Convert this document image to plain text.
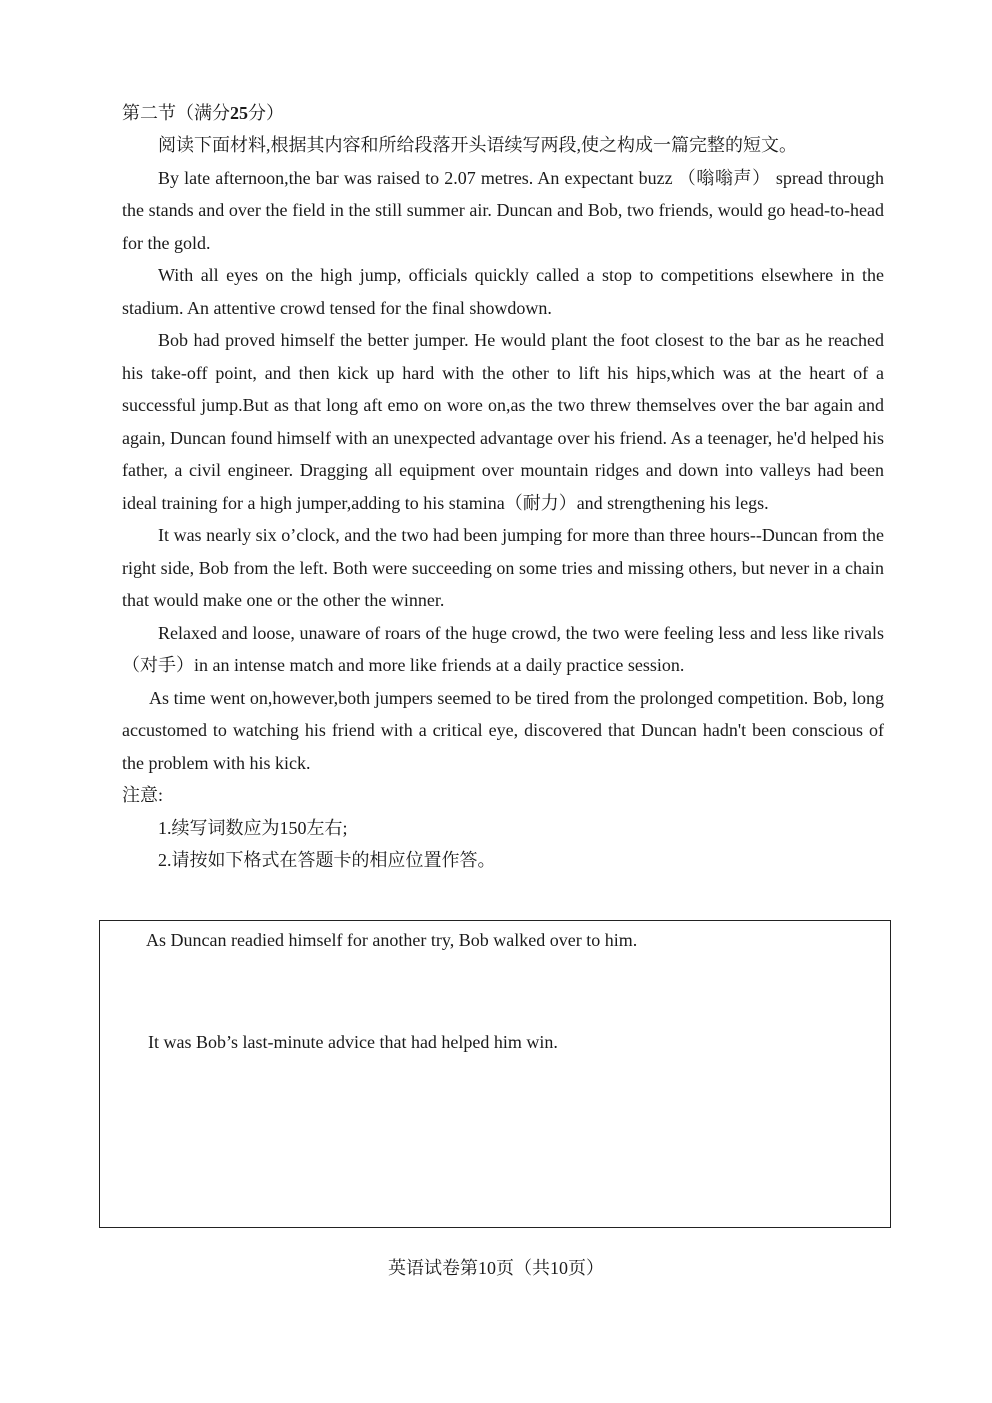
第二节（满分25分）

阅读下面材料,根据其内容和所给段落开头语续写两段,使之构成一篇完整的短文。

By late afternoon,the bar was raised to 2.07 metres. An expectant buzz （嗡嗡声） spread through the stands and over the field in the still summer air. Duncan and Bob, two friends, would go head-to-head for the gold.

With all eyes on the high jump, officials quickly called a stop to competitions elsewhere in the stadium. An attentive crowd tensed for the final showdown.

Bob had proved himself the better jumper. He would plant the foot closest to the bar as he reached his take-off point, and then kick up hard with the other to lift his hips,which was at the heart of a successful jump.But as that long aft emo on wore on,as the two threw themselves over the bar again and again, Duncan found himself with an unexpected advantage over his friend. As a teenager, he'd helped his father, a civil engineer. Dragging all equipment over mountain ridges and down into valleys had been ideal training for a high jumper,adding to his stamina（耐力）and strengthening his legs.

It was nearly six o’clock, and the two had been jumping for more than three hours--Duncan from the right side, Bob from the left. Both were succeeding on some tries and missing others, but never in a chain that would make one or the other the winner.

Relaxed and loose, unaware of roars of the huge crowd, the two were feeling less and less like rivals（对手）in an intense match and more like friends at a daily practice session.

As time went on,however,both jumpers seemed to be tired from the prolonged competition. Bob, long accustomed to watching his friend with a critical eye, discovered that Duncan hadn't been conscious of the problem with his kick.

注意:

1.续写词数应为150左右;

2.请按如下格式在答题卡的相应位置作答。

As Duncan readied himself for another try, Bob walked over to him.
It was Bob’s last-minute advice that had helped him win.
英语试卷第10页（共10页）
